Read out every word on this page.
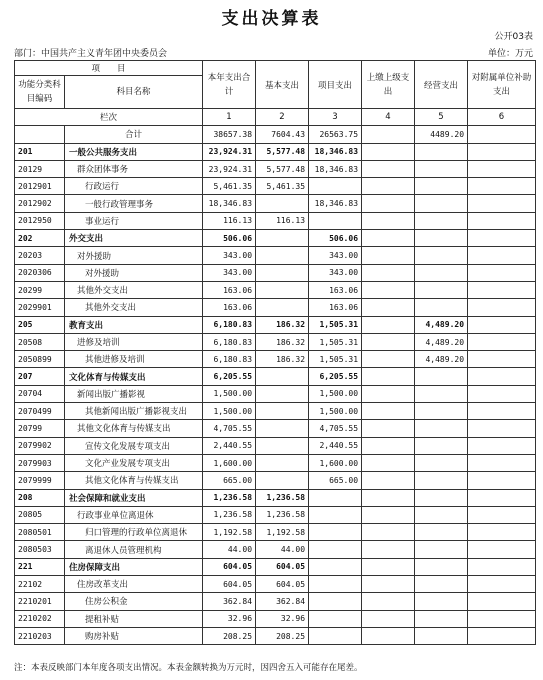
支出决算表
公开03表
部门：中国共产主义青年团中央委员会	单位：万元
项　　目		本年支出合计	基本支出	项目支出	上缴上级支出	经营支出	对附属单位补助支出
功能分类科目编码	科目名称						
栏次		1	2	3	4	5	6
	合计	38657.38	7604.43	26563.75		4489.20	
201	一般公共服务支出	23,924.31	5,577.48	18,346.83			
20129	群众团体事务	23,924.31	5,577.48	18,346.83			
2012901	行政运行	5,461.35	5,461.35				
2012902	一般行政管理事务	18,346.83		18,346.83			
2012950	事业运行	116.13	116.13				
202	外交支出	506.06		506.06			
20203	对外援助	343.00		343.00			
2020306	对外援助	343.00		343.00			
20299	其他外交支出	163.06		163.06			
2029901	其他外交支出	163.06		163.06			
205	教育支出	6,180.83	186.32	1,505.31		4,489.20	
20508	进修及培训	6,180.83	186.32	1,505.31		4,489.20	
2050899	其他进修及培训	6,180.83	186.32	1,505.31		4,489.20	
207	文化体育与传媒支出	6,205.55		6,205.55			
20704	新闻出版广播影视	1,500.00		1,500.00			
2070499	其他新闻出版广播影视支出	1,500.00		1,500.00			
20799	其他文化体育与传媒支出	4,705.55		4,705.55			
2079902	宣传文化发展专项支出	2,440.55		2,440.55			
2079903	文化产业发展专项支出	1,600.00		1,600.00			
2079999	其他文化体育与传媒支出	665.00		665.00			
208	社会保障和就业支出	1,236.58	1,236.58				
20805	行政事业单位离退休	1,236.58	1,236.58				
2080501	归口管理的行政单位离退休	1,192.58	1,192.58				
2080503	离退休人员管理机构	44.00	44.00				
221	住房保障支出	604.05	604.05				
22102	住房改革支出	604.05	604.05				
2210201	住房公积金	362.84	362.84				
2210202	提租补贴	32.96	32.96				
2210203	购房补贴	208.25	208.25				
注：本表反映部门本年度各项支出情况。本表金额转换为万元时，因四舍五入可能存在尾差。
